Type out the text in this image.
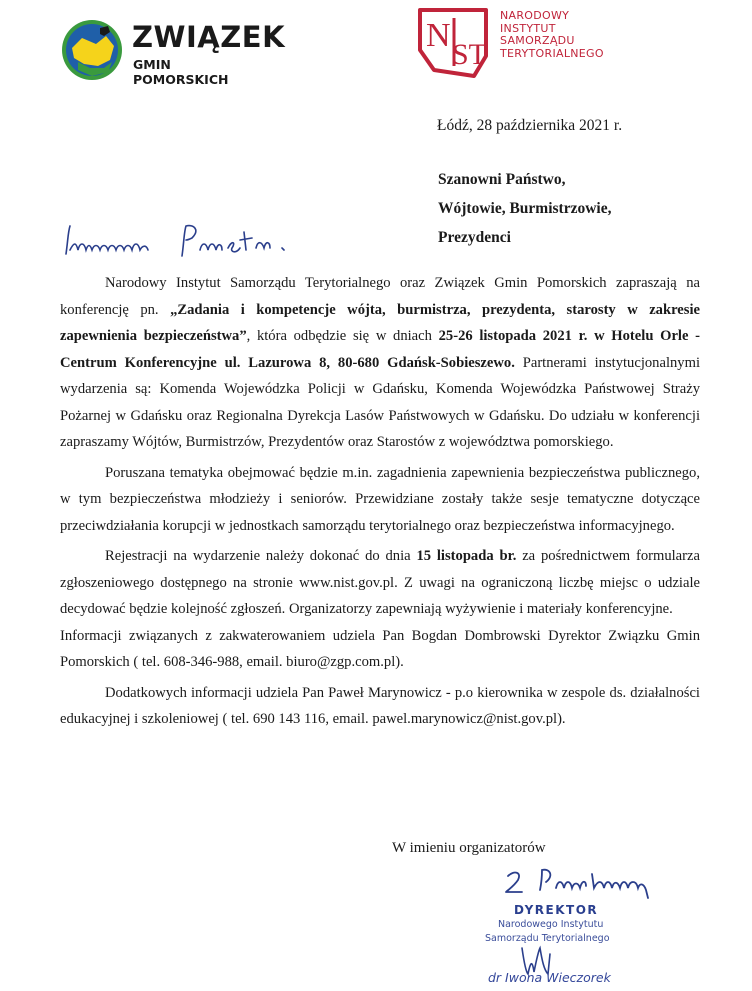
ZWIĄZEK
GMIN POMORSKICH
N
ST
NARODOWY
INSTYTUT
SAMORZĄDU
TERYTORIALNEGO
Łódź, 28 października 2021 r.
Szanowni Państwo,
Wójtowie, Burmistrzowie,
Prezydenci

Narodowy Instytut Samorządu Terytorialnego oraz Związek Gmin Pomorskich zapraszają na konferencję pn. „Zadania i kompetencje wójta, burmistrza, prezydenta, starosty w zakresie zapewnienia bezpieczeństwa”, która odbędzie się w dniach 25-26 listopada 2021 r. w Hotelu Orle - Centrum Konferencyjne ul. Lazurowa 8, 80-680 Gdańsk-Sobieszewo. Partnerami instytucjonalnymi wydarzenia są: Komenda Wojewódzka Policji w Gdańsku, Komenda Wojewódzka Państwowej Straży Pożarnej w Gdańsku oraz Regionalna Dyrekcja Lasów Państwowych w Gdańsku. Do udziału w konferencji zapraszamy Wójtów, Burmistrzów, Prezydentów oraz Starostów z województwa pomorskiego.

Poruszana tematyka obejmować będzie m.in. zagadnienia zapewnienia bezpieczeństwa publicznego, w tym bezpieczeństwa młodzieży i seniorów. Przewidziane zostały także sesje tematyczne dotyczące przeciwdziałania korupcji w jednostkach samorządu terytorialnego oraz bezpieczeństwa informacyjnego.

Rejestracji na wydarzenie należy dokonać do dnia 15 listopada br. za pośrednictwem formularza zgłoszeniowego dostępnego na stronie www.nist.gov.pl. Z uwagi na ograniczoną liczbę miejsc o udziale decydować będzie kolejność zgłoszeń. Organizatorzy zapewniają wyżywienie i materiały konferencyjne.

Informacji związanych z zakwaterowaniem udziela Pan Bogdan Dombrowski Dyrektor Związku Gmin Pomorskich ( tel. 608-346-988, email. biuro@zgp.com.pl).

Dodatkowych informacji udziela Pan Paweł Marynowicz - p.o kierownika w zespole ds. działalności edukacyjnej i szkoleniowej ( tel. 690 143 116, email. pawel.marynowicz@nist.gov.pl).

W imieniu organizatorów
DYREKTOR
Narodowego Instytutu
Samorządu Terytorialnego
dr Iwona Wieczorek
